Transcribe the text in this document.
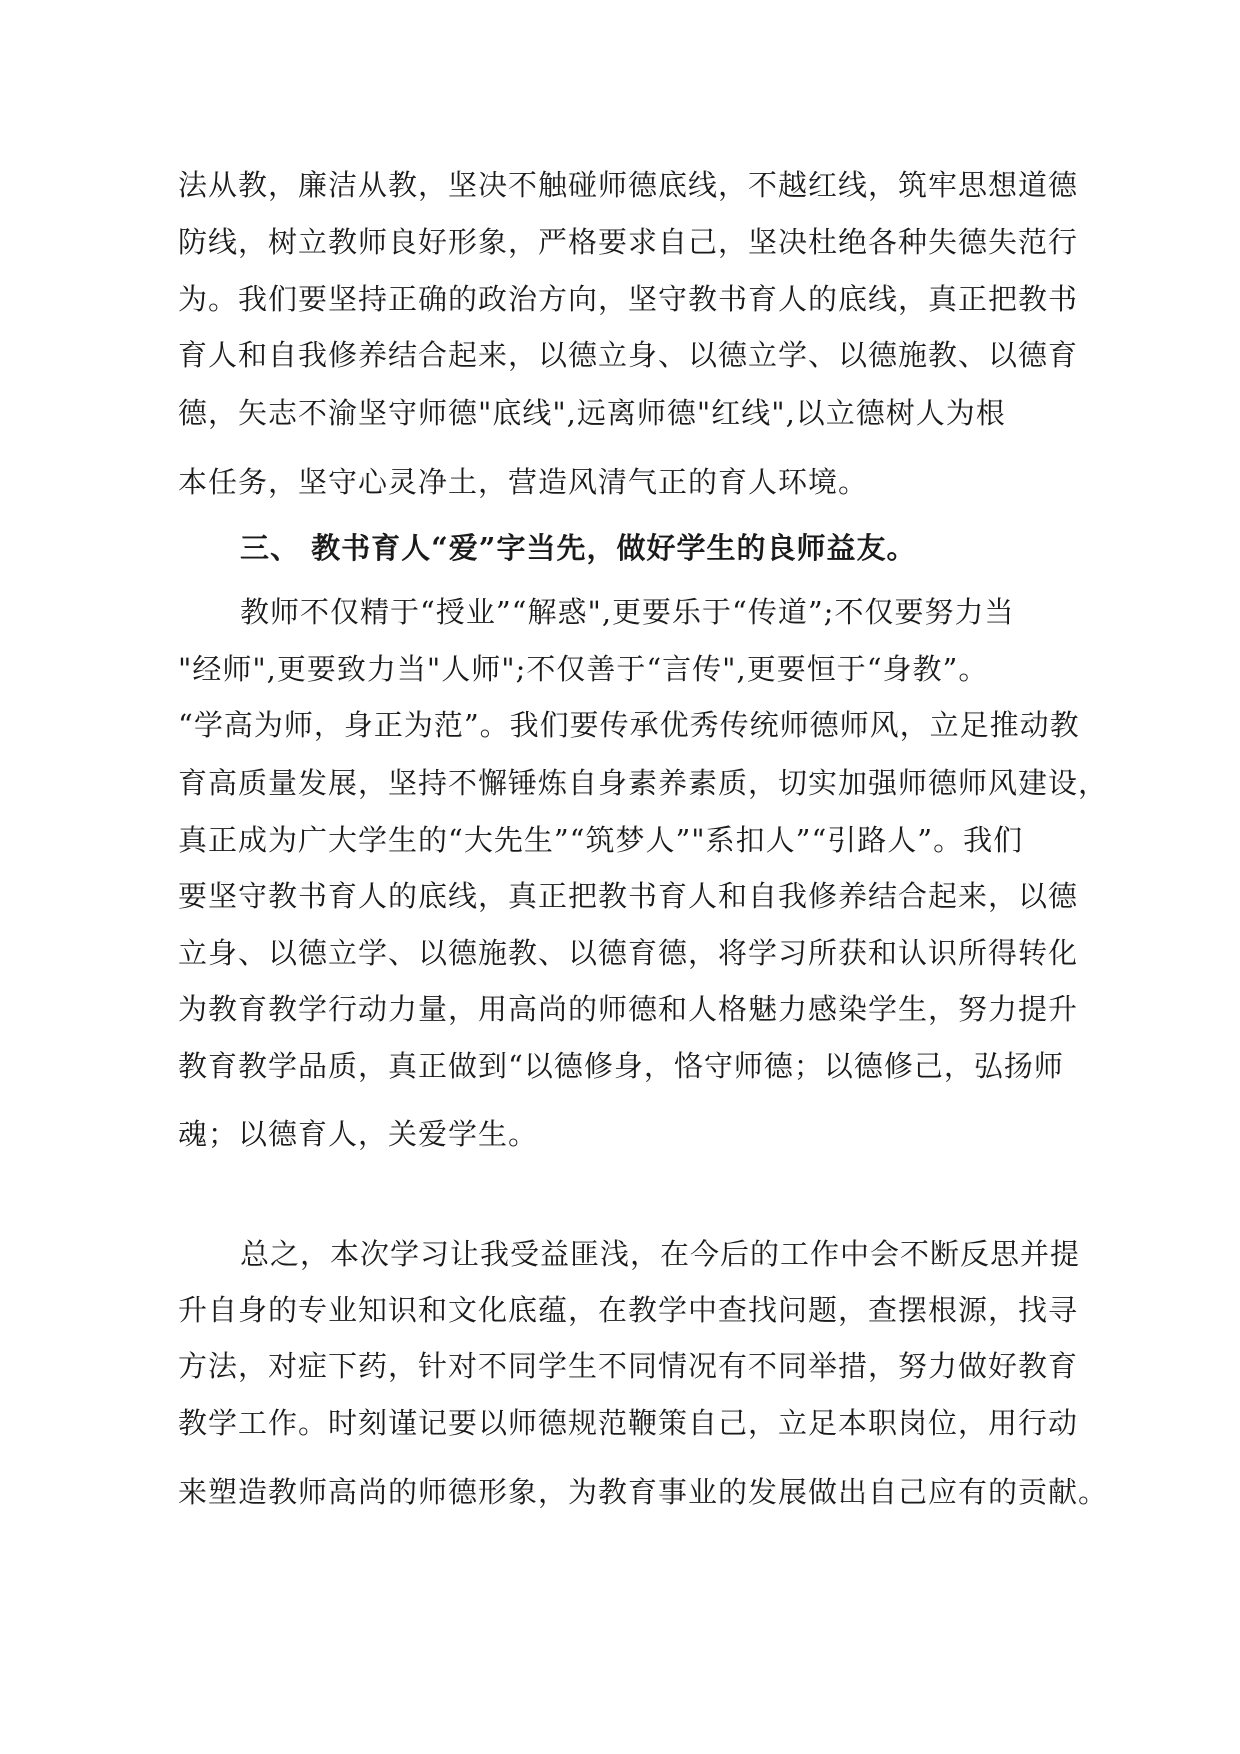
法从教，廉洁从教，坚决不触碰师德底线，不越红线，筑牢思想道德
防线，树立教师良好形象，严格要求自己，坚决杜绝各种失德失范行
为。我们要坚持正确的政治方向，坚守教书育人的底线，真正把教书
育人和自我修养结合起来，以德立身、以德立学、以德施教、以德育
德，矢志不渝坚守师德"底线",远离师德"红线",以立德树人为根
本任务，坚守心灵净土，营造风清气正的育人环境。
三、 教书育人“爱”字当先，做好学生的良师益友。
教师不仅精于“授业”“解惑",更要乐于“传道”;不仅要努力当
"经师",更要致力当"人师";不仅善于“言传",更要恒于“身教”。
“学高为师，身正为范”。我们要传承优秀传统师德师风，立足推动教
育高质量发展，坚持不懈锤炼自身素养素质，切实加强师德师风建设，
真正成为广大学生的“大先生”“筑梦人”"系扣人”“引路人”。我们
要坚守教书育人的底线，真正把教书育人和自我修养结合起来，以德
立身、以德立学、以德施教、以德育德，将学习所获和认识所得转化
为教育教学行动力量，用高尚的师德和人格魅力感染学生，努力提升
教育教学品质，真正做到“以德修身，恪守师德；以德修己，弘扬师
魂；以德育人，关爱学生。
总之，本次学习让我受益匪浅，在今后的工作中会不断反思并提
升自身的专业知识和文化底蕴，在教学中查找问题，查摆根源，找寻
方法，对症下药，针对不同学生不同情况有不同举措，努力做好教育
教学工作。时刻谨记要以师德规范鞭策自己，立足本职岗位，用行动
来塑造教师高尚的师德形象，为教育事业的发展做出自己应有的贡献。
